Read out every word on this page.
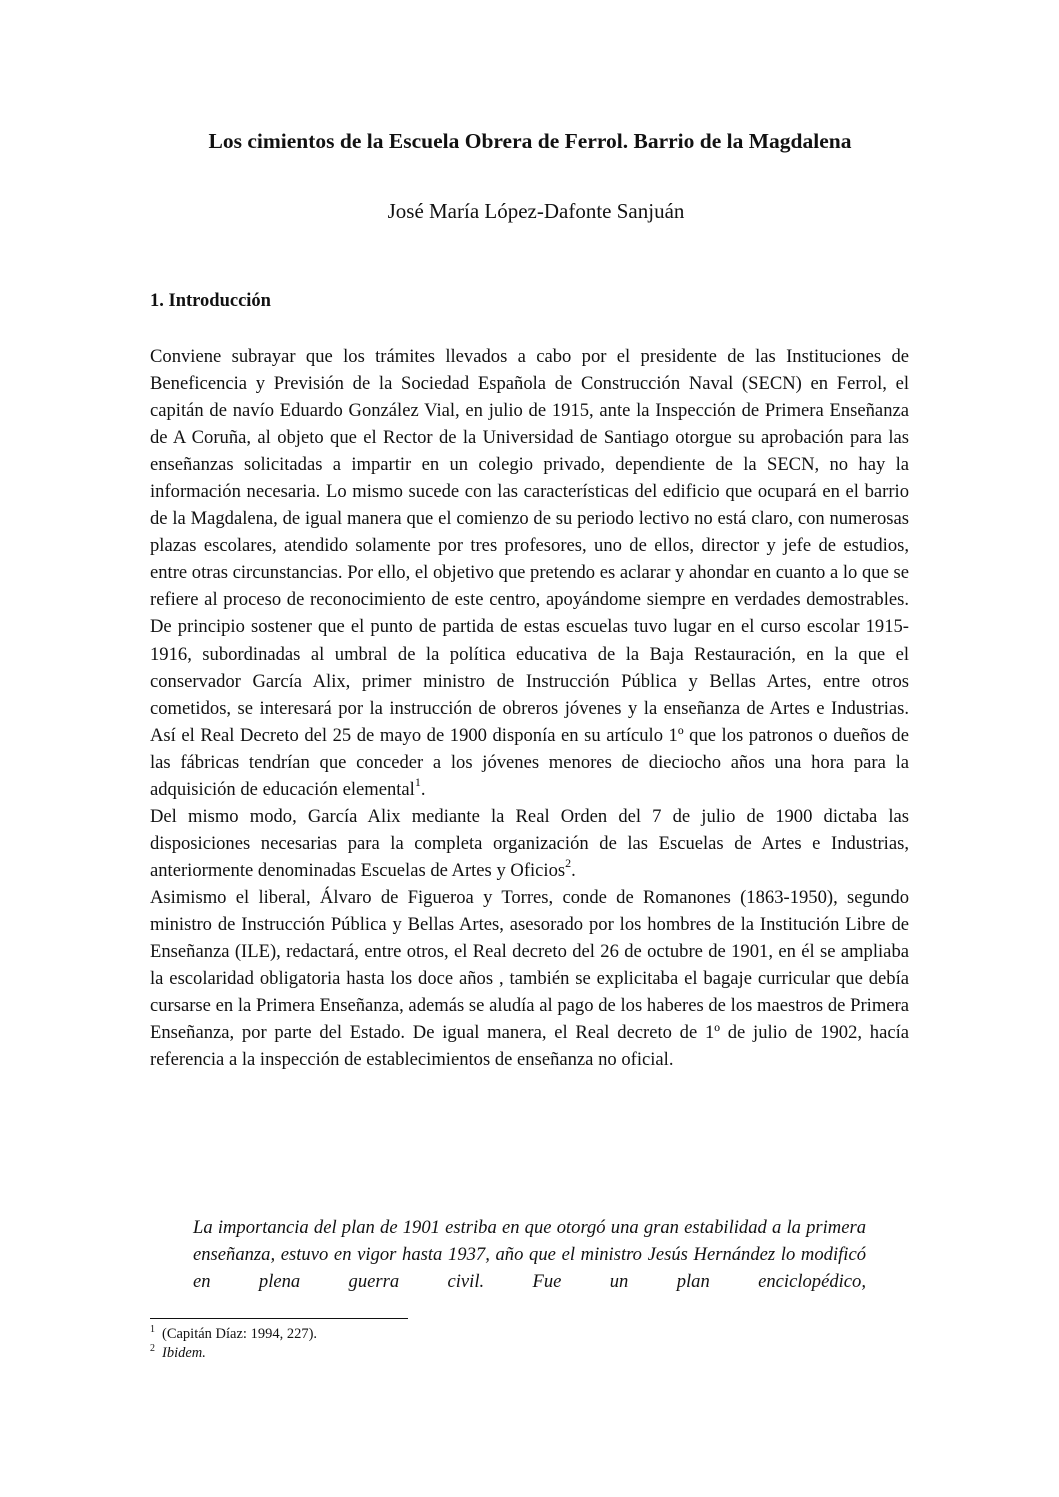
Los cimientos de la Escuela Obrera de Ferrol. Barrio de la Magdalena
José María López-Dafonte Sanjuán
1. Introducción

Conviene subrayar que los trámites llevados a cabo por el presidente de las Instituciones de Beneficencia y Previsión de la Sociedad Española de Construcción Naval (SECN) en Ferrol, el capitán de navío Eduardo González Vial, en julio de 1915, ante la Inspección de Primera Enseñanza de A Coruña, al objeto que el Rector de la Universidad de Santiago otorgue su aprobación para las enseñanzas solicitadas a impartir en un colegio privado, dependiente de la SECN, no hay la información necesaria. Lo mismo sucede con las características del edificio que ocupará en el barrio de la Magdalena, de igual manera que el comienzo de su periodo lectivo no está claro, con numerosas plazas escolares, atendido solamente por tres profesores, uno de ellos, director y jefe de estudios, entre otras circunstancias. Por ello, el objetivo que pretendo es aclarar y ahondar en cuanto a lo que se refiere al proceso de reconocimiento de este centro, apoyándome siempre en verdades demostrables. De principio sostener que el punto de partida de estas escuelas tuvo lugar en el curso escolar 1915-1916, subordinadas al umbral de la política educativa de la Baja Restauración, en la que el conservador García Alix, primer ministro de Instrucción Pública y Bellas Artes, entre otros cometidos, se interesará por la instrucción de obreros jóvenes y la enseñanza de Artes e Industrias. Así el Real Decreto del 25 de mayo de 1900 disponía en su artículo 1º que los patronos o dueños de las fábricas tendrían que conceder a los jóvenes menores de dieciocho años una hora para la adquisición de educación elemental$^1$.

Del mismo modo, García Alix mediante la Real Orden del 7 de julio de 1900 dictaba las disposiciones necesarias para la completa organización de las Escuelas de Artes e Industrias, anteriormente denominadas Escuelas de Artes y Oficios$^2$.

Asimismo el liberal, Álvaro de Figueroa y Torres, conde de Romanones (1863-1950), segundo ministro de Instrucción Pública y Bellas Artes, asesorado por los hombres de la Institución Libre de Enseñanza (ILE), redactará, entre otros, el Real decreto del 26 de octubre de 1901, en él se ampliaba la escolaridad obligatoria hasta los doce años , también se explicitaba el bagaje curricular que debía cursarse en la Primera Enseñanza, además se aludía al pago de los haberes de los maestros de Primera Enseñanza, por parte del Estado. De igual manera, el Real decreto de 1º de julio de 1902, hacía referencia a la inspección de establecimientos de enseñanza no oficial.

La importancia del plan de 1901 estriba en que otorgó una gran estabilidad a la primera enseñanza, estuvo en vigor hasta 1937, año que el ministro Jesús Hernández lo modificó en plena guerra civil. Fue un plan enciclopédico,

$^1$ (Capitán Díaz: 1994, 227).

$^2$ Ibidem.
